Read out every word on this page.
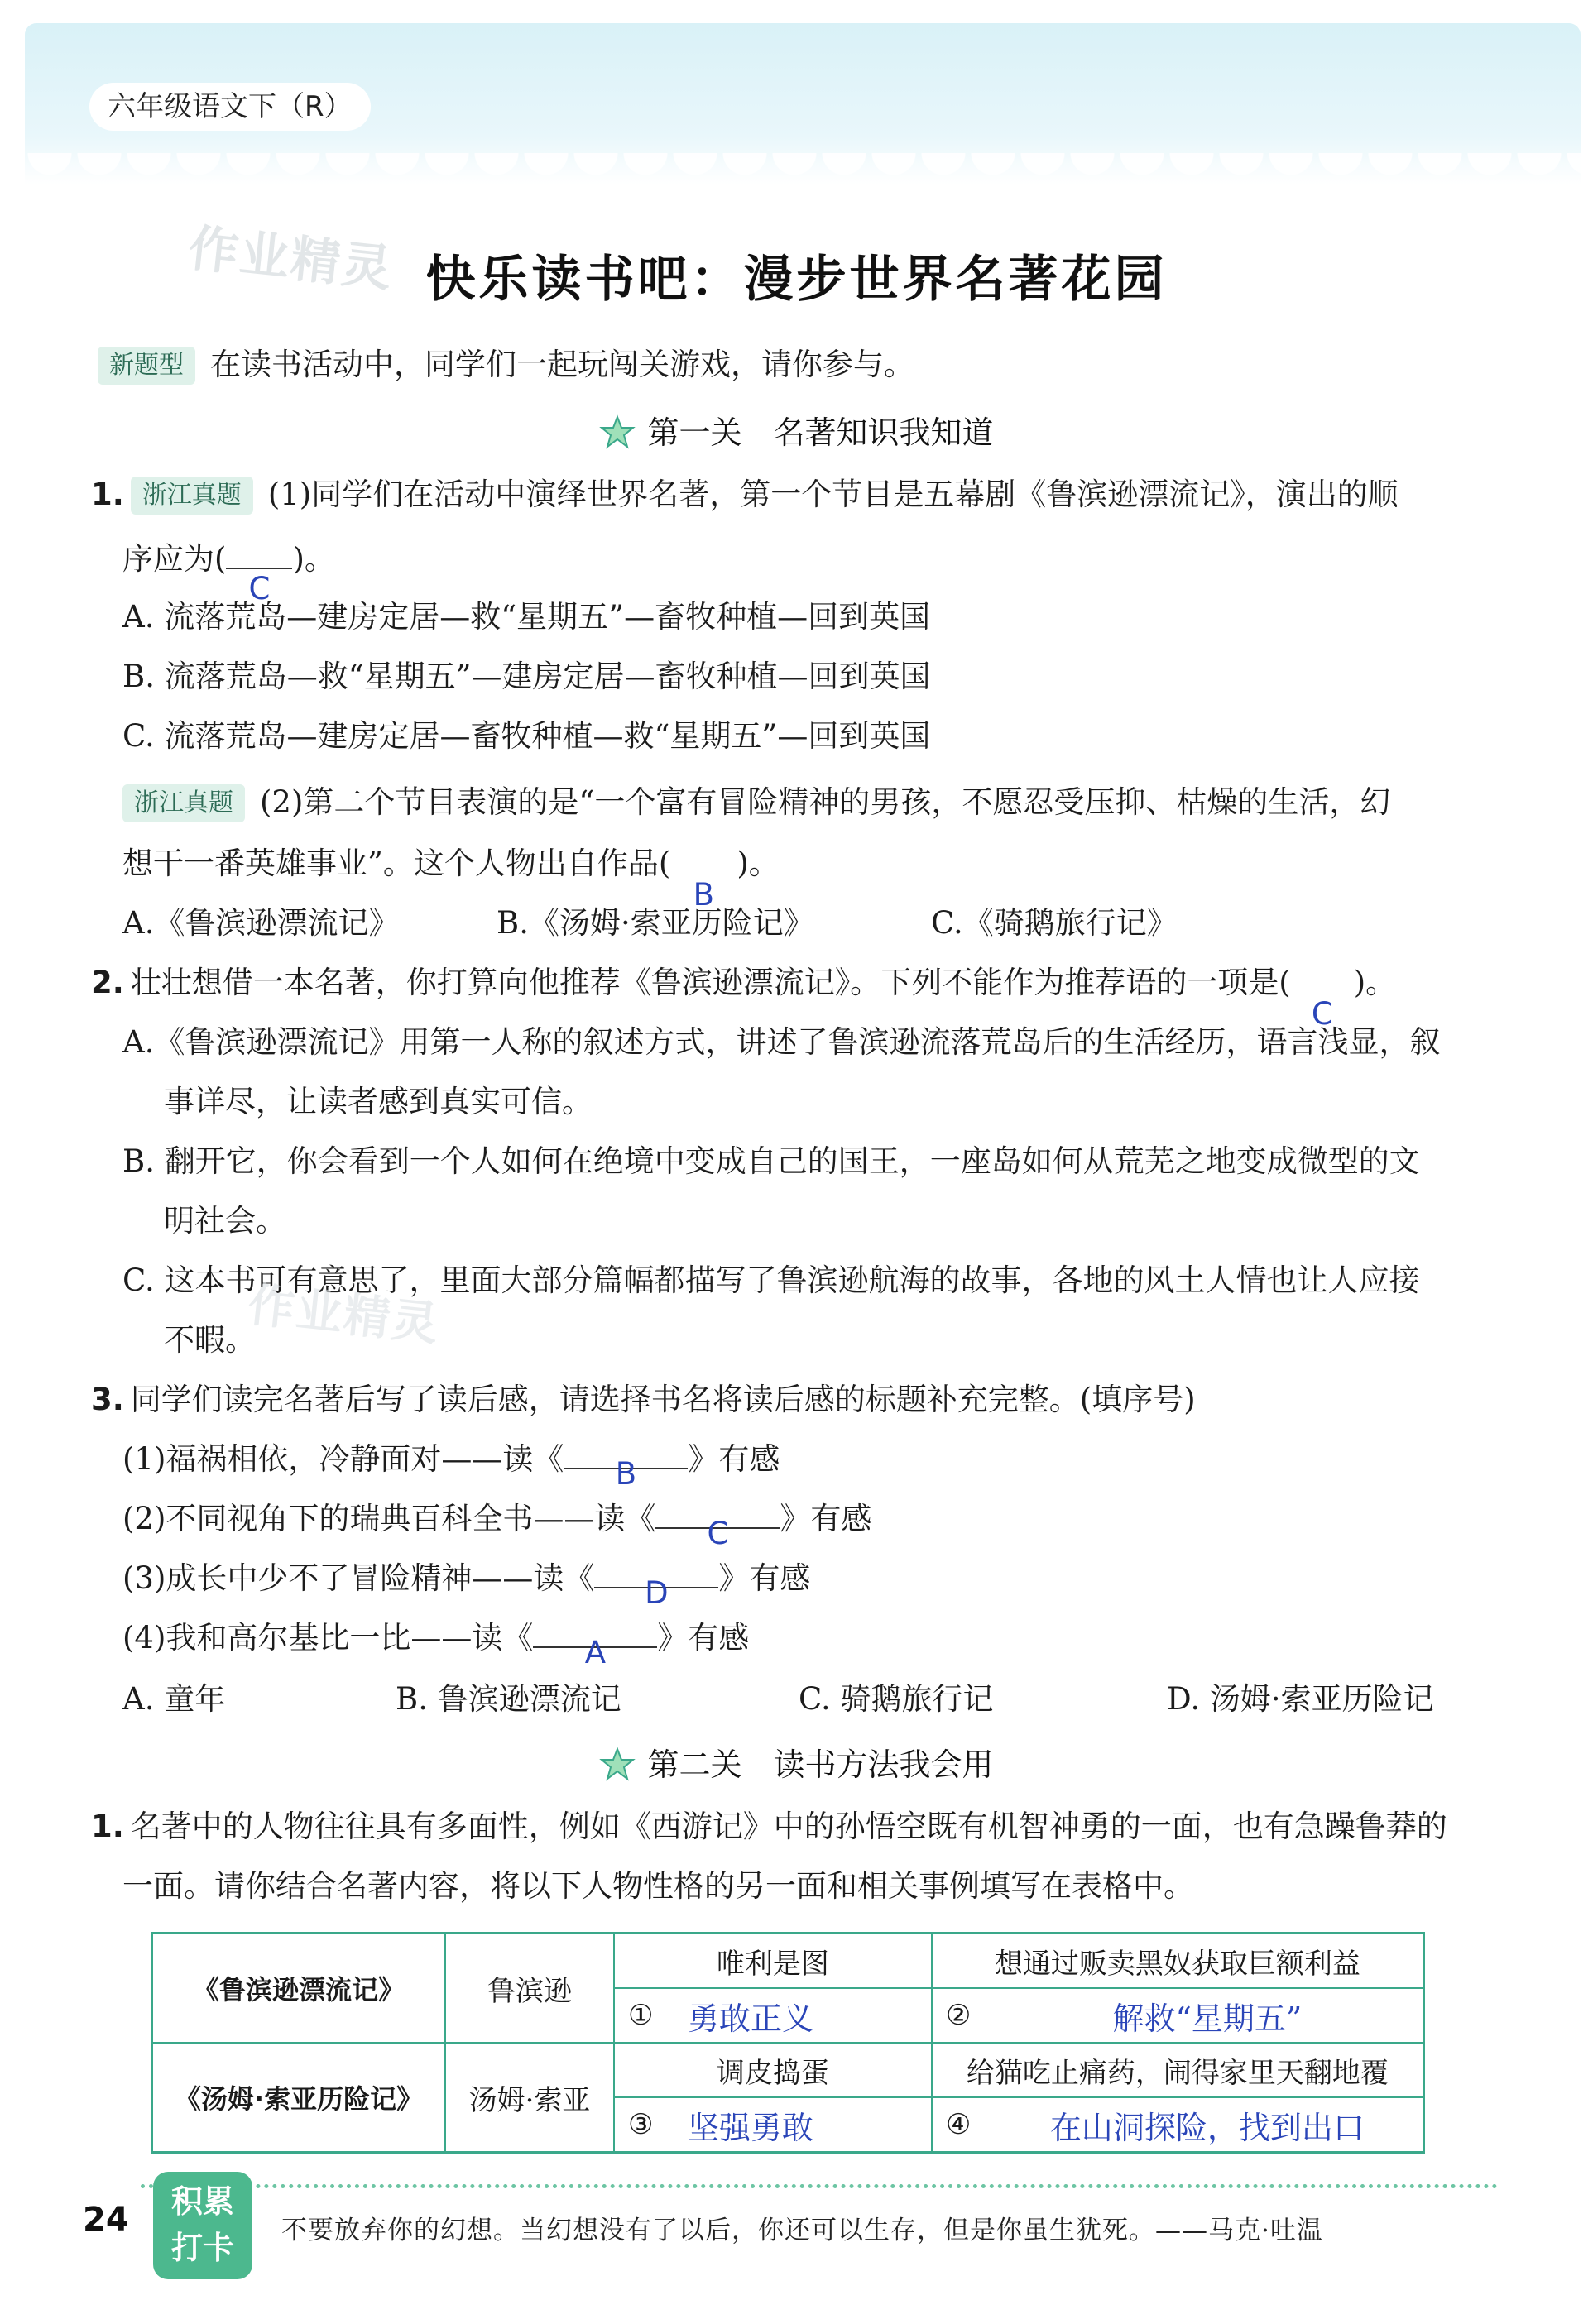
六年级语文下（R）
作业精灵 快乐读书吧：漫步世界名著花园
新题型 在读书活动中，同学们一起玩闯关游戏，请你参与。
第一关　名著知识我知道
1. 浙江真题 (1)同学们在活动中演绎世界名著，第一个节目是五幕剧《鲁滨逊漂流记》，演出的顺
序应为(
C
)。
A. 流落荒岛—建房定居—救“星期五”—畜牧种植—回到英国
B. 流落荒岛—救“星期五”—建房定居—畜牧种植—回到英国
C. 流落荒岛—建房定居—畜牧种植—救“星期五”—回到英国
浙江真题 (2)第二个节目表演的是“一个富有冒险精神的男孩，不愿忍受压抑、枯燥的生活，幻
想干一番英雄事业”。这个人物出自作品(
B
)。
A.《鲁滨逊漂流记》	B.《汤姆·索亚历险记》	C.《骑鹅旅行记》
2. 壮壮想借一本名著，你打算向他推荐《鲁滨逊漂流记》。下列不能作为推荐语的一项是(
C
)。
A.《鲁滨逊漂流记》用第一人称的叙述方式，讲述了鲁滨逊流落荒岛后的生活经历，语言浅显，叙
事详尽，让读者感到真实可信。
B. 翻开它，你会看到一个人如何在绝境中变成自己的国王，一座岛如何从荒芜之地变成微型的文
明社会。
C. 这本书可有意思了，里面大部分篇幅都描写了鲁滨逊航海的故事，各地的风土人情也让人应接
不暇。
作业精灵
3. 同学们读完名著后写了读后感，请选择书名将读后感的标题补充完整。(填序号)
(1)福祸相依，冷静面对——读《	B	》有感
(2)不同视角下的瑞典百科全书——读《	C	》有感
(3)成长中少不了冒险精神——读《	D	》有感
(4)我和高尔基比一比——读《	A	》有感
A. 童年	B. 鲁滨逊漂流记	C. 骑鹅旅行记	D. 汤姆·索亚历险记
第二关　读书方法我会用
1. 名著中的人物往往具有多面性，例如《西游记》中的孙悟空既有机智神勇的一面，也有急躁鲁莽的
一面。请你结合名著内容，将以下人物性格的另一面和相关事例填写在表格中。
《鲁滨逊漂流记》	鲁滨逊	唯利是图		想通过贩卖黑奴获取巨额利益	
		①	勇敢正义	②	解救“星期五”
《汤姆·索亚历险记》	汤姆·索亚	调皮捣蛋		给猫吃止痛药，闹得家里天翻地覆	
		③	坚强勇敢	④	在山洞探险，找到出口
24	积累
打卡	不要放弃你的幻想。当幻想没有了以后，你还可以生存，但是你虽生犹死。——马克·吐温
